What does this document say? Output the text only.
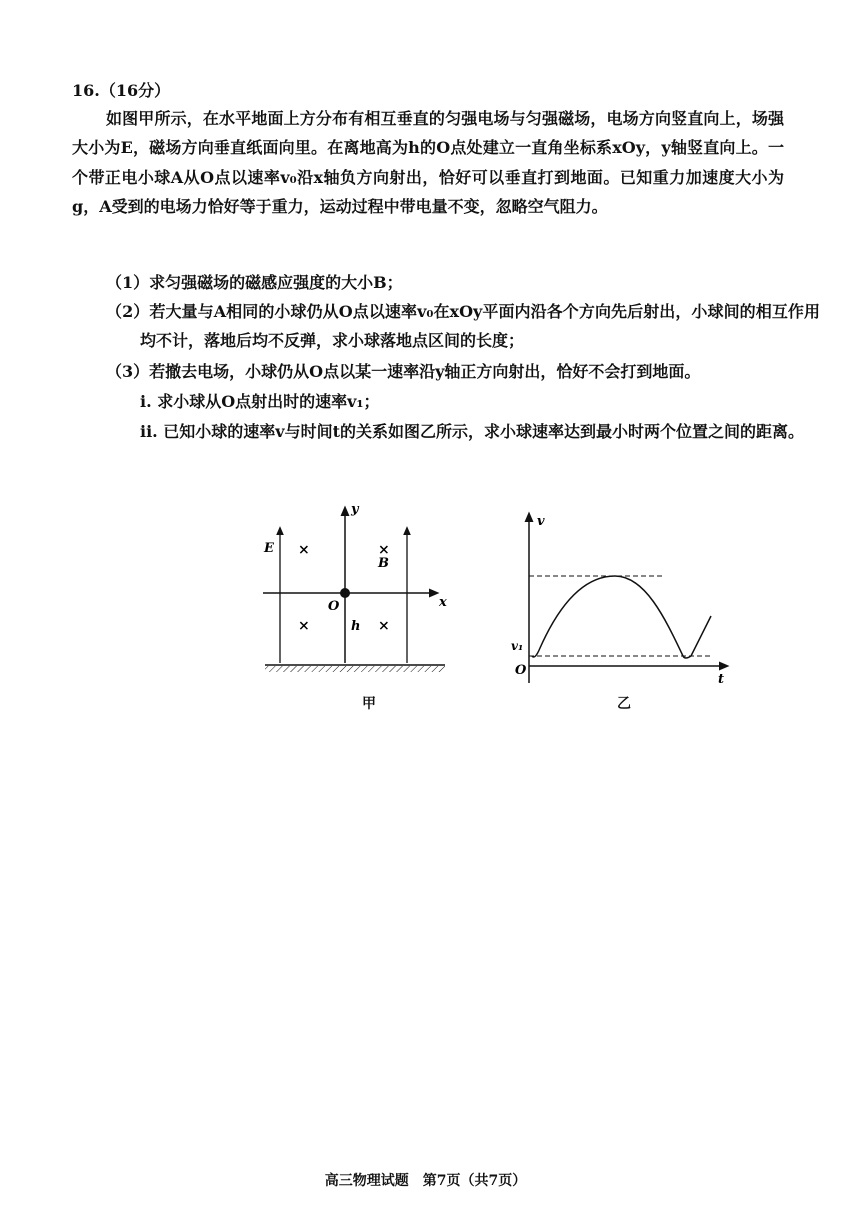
16.（16分）
如图甲所示，在水平地面上方分布有相互垂直的匀强电场与匀强磁场，电场方向竖直向上，场强大小为E，磁场方向垂直纸面向里。在离地高为h的O点处建立一直角坐标系xOy，y轴竖直向上。一个带正电小球A从O点以速率v₀沿x轴负方向射出，恰好可以垂直打到地面。已知重力加速度大小为g，A受到的电场力恰好等于重力，运动过程中带电量不变，忽略空气阻力。
（1）求匀强磁场的磁感应强度的大小B；
（2）若大量与A相同的小球仍从O点以速率v₀在xOy平面内沿各个方向先后射出，小球间的相互作用均不计，落地后均不反弹，求小球落地点区间的长度；
（3）若撤去电场，小球仍从O点以某一速率沿y轴正方向射出，恰好不会打到地面。
i. 求小球从O点射出时的速率v₁；
ii. 已知小球的速率v与时间t的关系如图乙所示，求小球速率达到最小时两个位置之间的距离。
E
y
x
O
B
h
×	×
×	×
甲
v
v₁
O
t
乙
高三物理试题　第7页（共7页）
